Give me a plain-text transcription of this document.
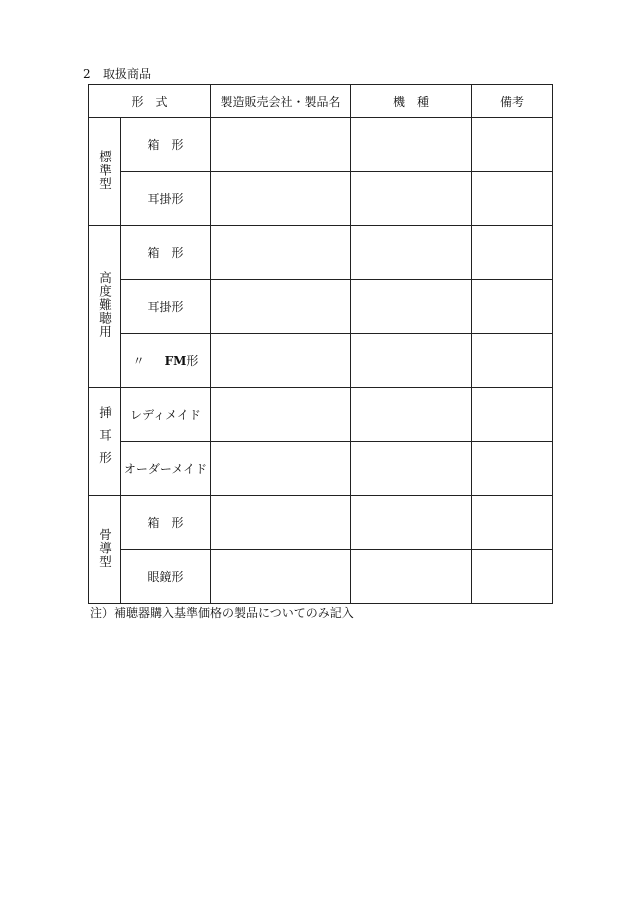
2 取扱商品
形　式		製造販売会社・製品名	機　種	備考
標準型	箱　形			
	耳掛形			
高度難聴用	箱　形			
	耳掛形			
	〃 FM形			
挿耳形	レディメイド			
	オーダーメイド			
骨導型	箱　形			
	眼鏡形			
注）補聴器購入基準価格の製品についてのみ記入
